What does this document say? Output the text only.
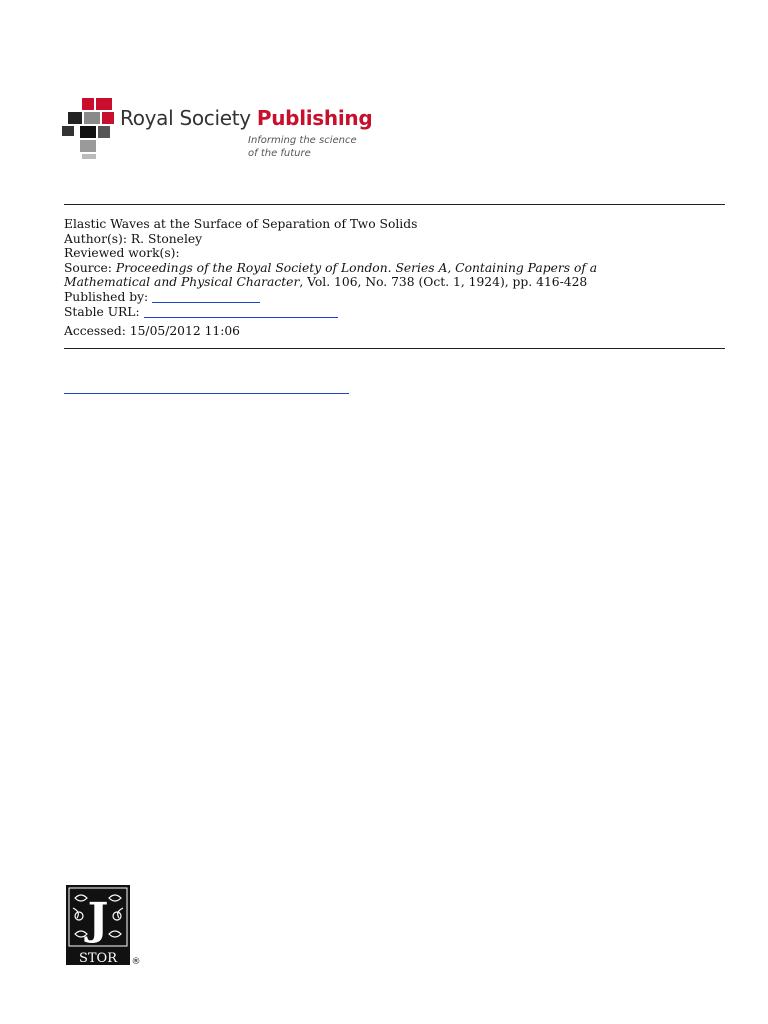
Royal Society Publishing
Informing the science
of the future
Elastic Waves at the Surface of Separation of Two Solids
Author(s): R. Stoneley
Reviewed work(s):
Source: Proceedings of the Royal Society of London. Series A, Containing Papers of a
Mathematical and Physical Character, Vol. 106, No. 738 (Oct. 1, 1924), pp. 416-428
Published by:
Stable URL:
Accessed: 15/05/2012 11:06
J
STOR ®
